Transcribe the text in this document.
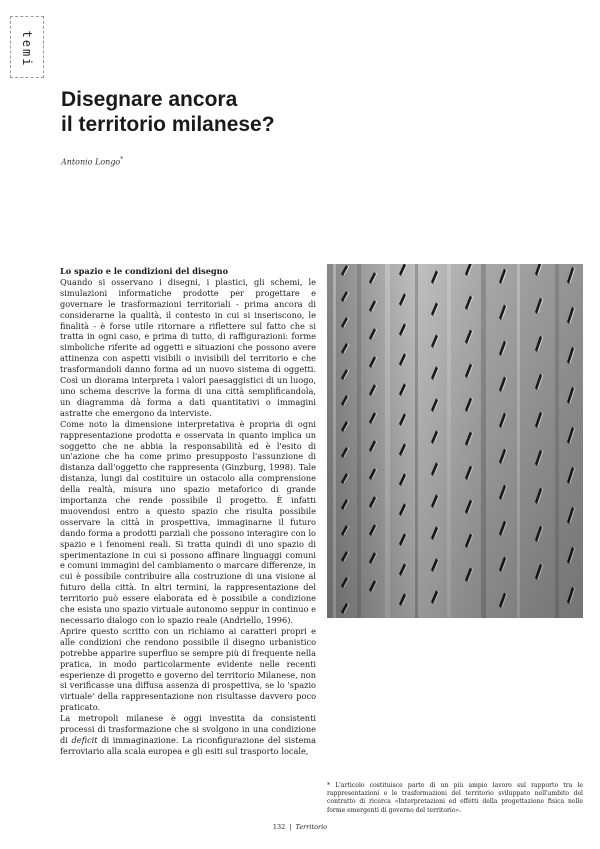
temi
Disegnare ancora
il territorio milanese?

Antonio Longo*

Lo spazio e le condizioni del disegno

Quando si osservano i disegni, i plastici, gli schemi, le simulazioni informatiche prodotte per progettare e governare le trasformazioni territoriali - prima ancora di considerarne la qualità, il contesto in cui si inseriscono, le finalità - è forse utile ritornare a riflettere sul fatto che si tratta in ogni caso, e prima di tutto, di raffigurazioni: forme simboliche riferite ad oggetti e situazioni che possono avere attinenza con aspetti visibili o invisibili del territorio e che trasformandoli danno forma ad un nuovo sistema di oggetti. Così un diorama interpreta i valori paesaggistici di un luogo, uno schema descrive la forma di una città semplificandola, un diagramma dà forma a dati quantitativi o immagini astratte che emergono da interviste.

Come noto la dimensione interpretativa è propria di ogni rappresentazione prodotta e osservata in quanto implica un soggetto che ne abbia la responsabilità ed è l'esito di un'azione che ha come primo presupposto l'assunzione di distanza dall'oggetto che rappresenta (Ginzburg, 1998). Tale distanza, lungi dal costituire un ostacolo alla comprensione della realtà, misura uno spazio metaforico di grande importanza che rende possibile il progetto. È infatti muovendosi entro a questo spazio che risulta possibile osservare la città in prospettiva, immaginarne il futuro dando forma a prodotti parziali che possono interagire con lo spazio e i fenomeni reali. Si tratta quindi di uno spazio di sperimentazione in cui si possono affinare linguaggi comuni e comuni immagini del cambiamento o marcare differenze, in cui è possibile contribuire alla costruzione di una visione al futuro della città. In altri termini, la rappresentazione del territorio può essere elaborata ed è possibile a condizione che esista uno spazio virtuale autonomo seppur in continuo e necessario dialogo con lo spazio reale (Andriello, 1996).

Aprire questo scritto con un richiamo ai caratteri propri e alle condizioni che rendono possibile il disegno urbanistico potrebbe apparire superfluo se sempre più di frequente nella pratica, in modo particolarmente evidente nelle recenti esperienze di progetto e governo del territorio Milanese, non si verificasse una diffusa assenza di prospettiva, se lo 'spazio virtuale' della rappresentazione non risultasse davvero poco praticato.

La metropoli milanese è oggi investita da consistenti processi di trasformazione che si svolgono in una condizione di deficit di immaginazione. La riconfigurazione del sistema ferroviario alla scala europea e gli esiti sul trasporto locale,

* L'articolo costituisce parte di un più ampio lavoro sul rapporto tra le rappresentazioni e le trasformazioni del territorio sviluppato nell'ambito del contratto di ricerca «Interpretazioni ed effetti della progettazione fisica nelle forme emergenti di governo del territorio».

132 | Territorio
